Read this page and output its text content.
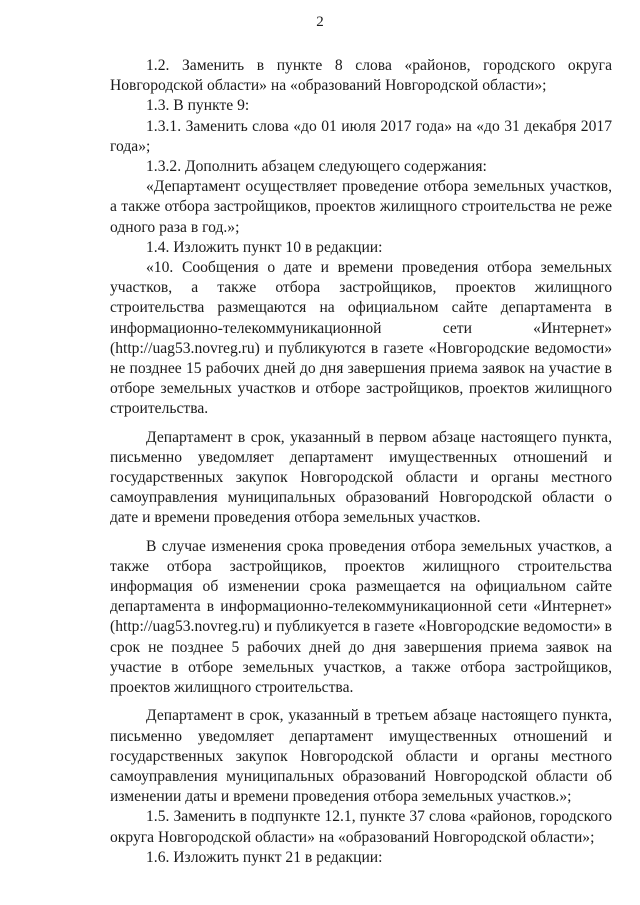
2

1.2. Заменить в пункте 8 слова «районов, городского округа Новгородской области» на «образований Новгородской области»;

1.3. В пункте 9:

1.3.1. Заменить слова «до 01 июля 2017 года» на «до 31 декабря 2017 года»;

1.3.2. Дополнить абзацем следующего содержания:

«Департамент осуществляет проведение отбора земельных участков, а также отбора застройщиков, проектов жилищного строительства не реже одного раза в год.»;

1.4. Изложить пункт 10 в редакции:

«10. Сообщения о дате и времени проведения отбора земельных участков, а также отбора застройщиков, проектов жилищного строительства размещаются на официальном сайте департамента в информационно-телекоммуникационной сети «Интернет» (http://uag53.novreg.ru) и публикуются в газете «Новгородские ведомости» не позднее 15 рабочих дней до дня завершения приема заявок на участие в отборе земельных участков и отборе застройщиков, проектов жилищного строительства.

Департамент в срок, указанный в первом абзаце настоящего пункта, письменно уведомляет департамент имущественных отношений и государственных закупок Новгородской области и органы местного самоуправления муниципальных образований Новгородской области о дате и времени проведения отбора земельных участков.

В случае изменения срока проведения отбора земельных участков, а также отбора застройщиков, проектов жилищного строительства информация об изменении срока размещается на официальном сайте департамента в информационно-телекоммуникационной сети «Интернет» (http://uag53.novreg.ru) и публикуется в газете «Новгородские ведомости» в срок не позднее 5 рабочих дней до дня завершения приема заявок на участие в отборе земельных участков, а также отбора застройщиков, проектов жилищного строительства.

Департамент в срок, указанный в третьем абзаце настоящего пункта, письменно уведомляет департамент имущественных отношений и государственных закупок Новгородской области и органы местного самоуправления муниципальных образований Новгородской области об изменении даты и времени проведения отбора земельных участков.»;

1.5. Заменить в подпункте 12.1, пункте 37 слова «районов, городского округа Новгородской области» на «образований Новгородской области»;

1.6. Изложить пункт 21 в редакции:
